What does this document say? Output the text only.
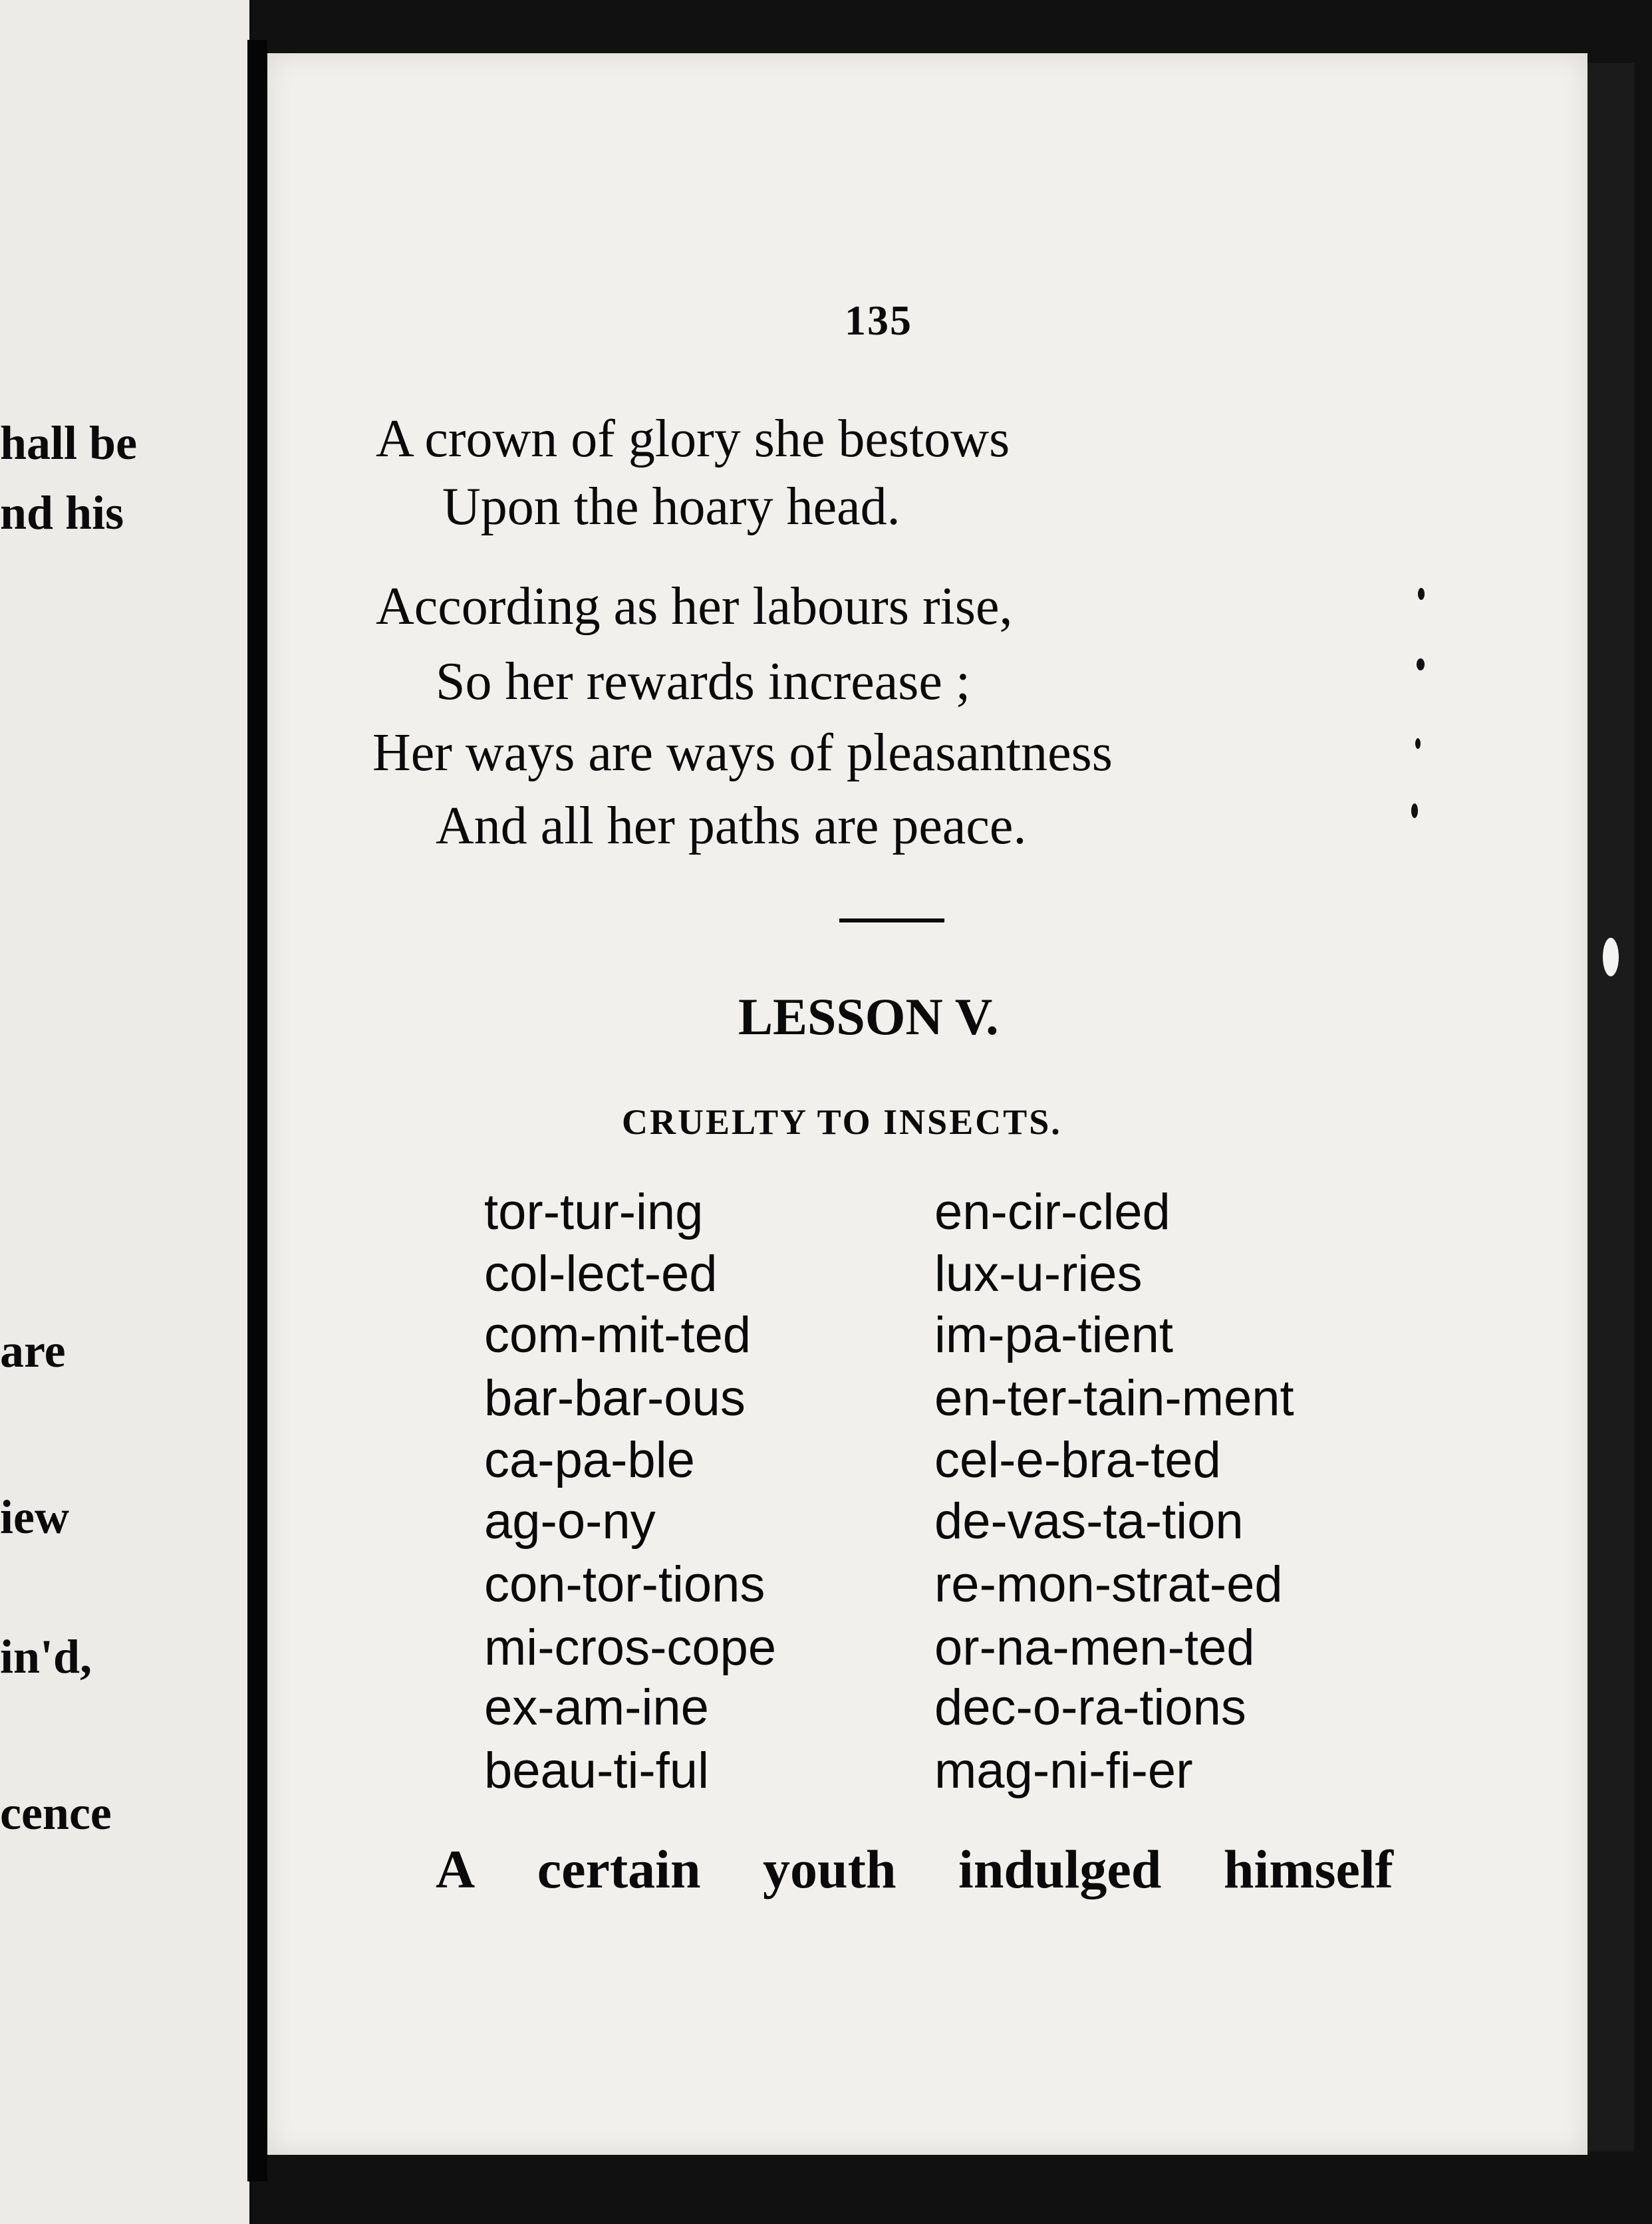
hall be
nd his
are
iew
in'd,
cence
135
A crown of glory she bestows
Upon the hoary head.
According as her labours rise,
So her rewards increase ;
Her ways are ways of pleasantness
And all her paths are peace.
LESSON V.
CRUELTY TO INSECTS.
tor-tur-ing
col-lect-ed
com-mit-ted
bar-bar-ous
ca-pa-ble
ag-o-ny
con-tor-tions
mi-cros-cope
ex-am-ine
beau-ti-ful
en-cir-cled
lux-u-ries
im-pa-tient
en-ter-tain-ment
cel-e-bra-ted
de-vas-ta-tion
re-mon-strat-ed
or-na-men-ted
dec-o-ra-tions
mag-ni-fi-er
A certain youth indulged himself
